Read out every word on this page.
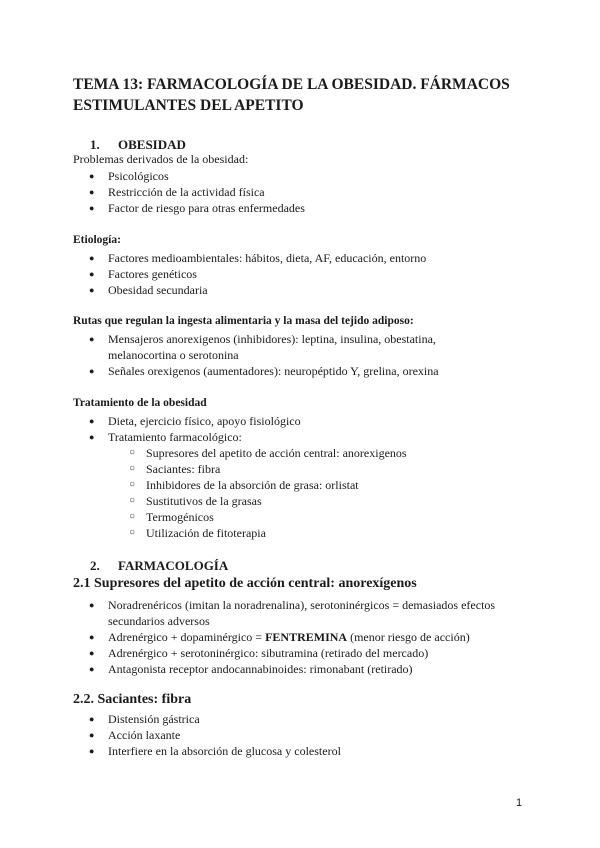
TEMA 13: FARMACOLOGÍA DE LA OBESIDAD. FÁRMACOS ESTIMULANTES DEL APETITO
1. OBESIDAD

Problemas derivados de la obesidad:

● Psicológicos
● Restricción de la actividad física
● Factor de riesgo para otras enfermedades

Etiología:

● Factores medioambientales: hábitos, dieta, AF, educación, entorno
● Factores genéticos
● Obesidad secundaria

Rutas que regulan la ingesta alimentaria y la masa del tejido adiposo:

● Mensajeros anorexigenos (inhibidores): leptina, insulina, obestatina, melanocortina o serotonina
● Señales orexigenos (aumentadores): neuropéptido Y, grelina, orexina

Tratamiento de la obesidad

● Dieta, ejercicio físico, apoyo fisiológico
● Tratamiento farmacológico:
○ Supresores del apetito de acción central: anorexigenos
○ Saciantes: fibra
○ Inhibidores de la absorción de grasa: orlistat
○ Sustitutivos de la grasas
○ Termogénicos
○ Utilización de fitoterapia
2. FARMACOLOGÍA
2.1 Supresores del apetito de acción central: anorexígenos
● Noradrenéricos (imitan la noradrenalina), serotoninérgicos = demasiados efectos secundarios adversos
● Adrenérgico + dopaminérgico = FENTREMINA (menor riesgo de acción)
● Adrenérgico + serotoninérgico: sibutramina (retirado del mercado)
● Antagonista receptor andocannabinoides: rimonabant (retirado)
2.2. Saciantes: fibra
● Distensión gástrica
● Acción laxante
● Interfiere en la absorción de glucosa y colesterol
1
